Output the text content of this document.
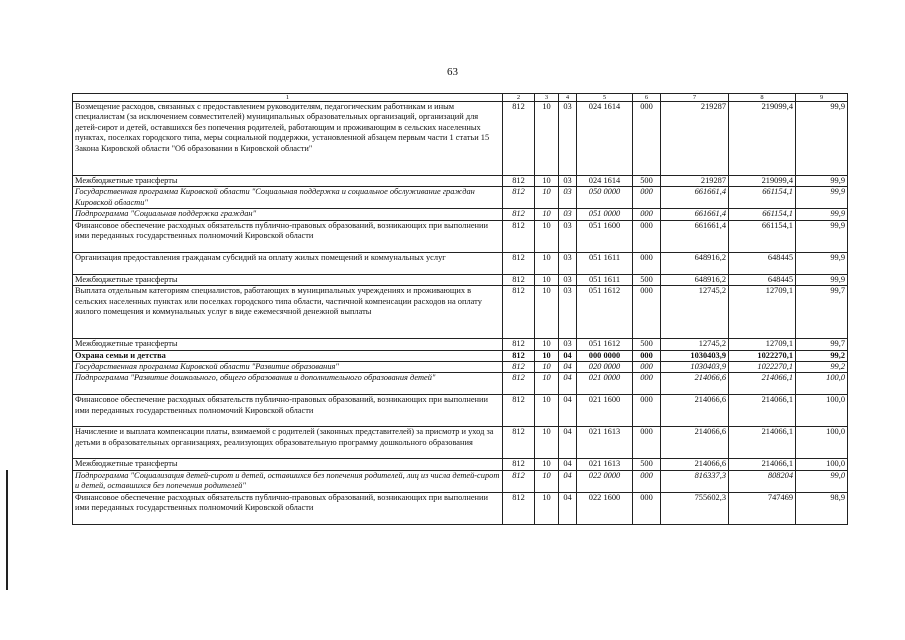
63
1	2	3	4	5	6	7	8	9
Возмещение расходов, связанных с предоставлением руководителям, педагогическим работникам и иным специалистам (за исключением совместителей) муниципальных образовательных организаций, организаций для детей-сирот и детей, оставшихся без попечения родителей, работающим и проживающим в сельских населенных пунктах, поселках городского типа, меры социальной поддержки, установленной абзацем первым части 1 статьи 15 Закона Кировской области "Об образовании в Кировской области"	812	10	03	024 1614	000	219287	219099,4	99,9
Межбюджетные трансферты	812	10	03	024 1614	500	219287	219099,4	99,9
Государственная программа Кировской области "Социальная поддержка и социальное обслуживание граждан Кировской области"	812	10	03	050 0000	000	661661,4	661154,1	99,9
Подпрограмма "Социальная поддержка граждан"	812	10	03	051 0000	000	661661,4	661154,1	99,9
Финансовое обеспечение расходных обязательств публично-правовых образований, возникающих при выполнении ими переданных государственных полномочий Кировской области	812	10	03	051 1600	000	661661,4	661154,1	99,9
Организация предоставления гражданам субсидий на оплату жилых помещений и коммунальных услуг	812	10	03	051 1611	000	648916,2	648445	99,9
Межбюджетные трансферты	812	10	03	051 1611	500	648916,2	648445	99,9
Выплата отдельным категориям специалистов, работающих в муниципальных учреждениях и проживающих в сельских населенных пунктах или поселках городского типа области, частичной компенсации расходов на оплату жилого помещения и коммунальных услуг в виде ежемесячной денежной выплаты	812	10	03	051 1612	000	12745,2	12709,1	99,7
Межбюджетные трансферты	812	10	03	051 1612	500	12745,2	12709,1	99,7
Охрана семьи и детства	812	10	04	000 0000	000	1030403,9	1022270,1	99,2
Государственная программа Кировской области "Развитие образования"	812	10	04	020 0000	000	1030403,9	1022270,1	99,2
Подпрограмма "Развитие дошкольного, общего образования и дополнительного образования детей"	812	10	04	021 0000	000	214066,6	214066,1	100,0
Финансовое обеспечение расходных обязательств публично-правовых образований, возникающих при выполнении ими переданных государственных полномочий Кировской области	812	10	04	021 1600	000	214066,6	214066,1	100,0
Начисление и выплата компенсации платы, взимаемой с родителей (законных представителей) за присмотр и уход за детьми в образовательных организациях, реализующих образовательную программу дошкольного образования	812	10	04	021 1613	000	214066,6	214066,1	100,0
Межбюджетные трансферты	812	10	04	021 1613	500	214066,6	214066,1	100,0
Подпрограмма "Социализация детей-сирот и детей, оставшихся без попечения родителей, лиц из числа детей-сирот и детей, оставшихся без попечения родителей"	812	10	04	022 0000	000	816337,3	808204	99,0
Финансовое обеспечение расходных обязательств публично-правовых образований, возникающих при выполнении ими переданных государственных полномочий Кировской области	812	10	04	022 1600	000	755602,3	747469	98,9
